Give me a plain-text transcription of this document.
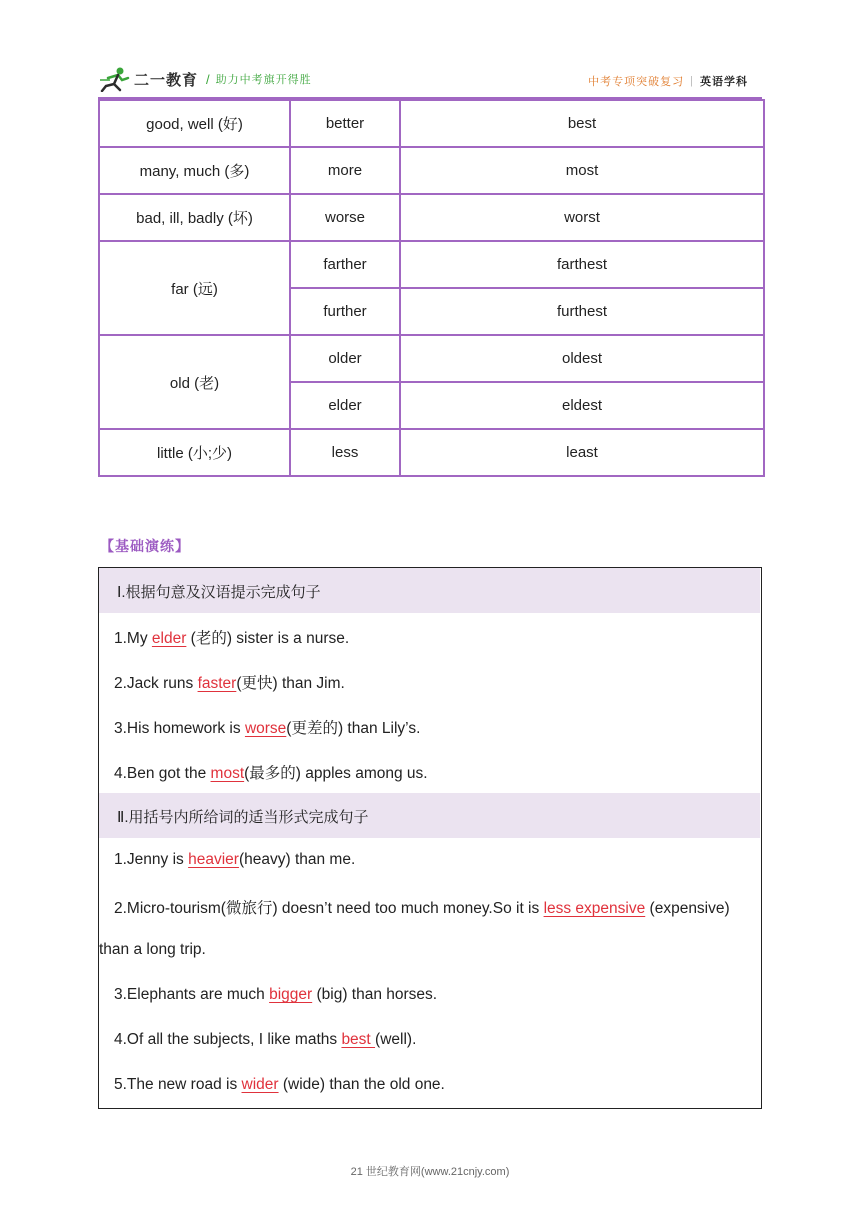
二一教育 / 助力中考旗开得胜	中考专项突破复习 | 英语学科
good, well (好)	better	best
many, much (多)	more	most
bad, ill, badly (坏)	worse	worst
far (远)	farther	farthest
	further	furthest
old (老)	older	oldest
	elder	eldest
little (小;少)	less	least
【基础演练】
Ⅰ.根据句意及汉语提示完成句子
1.My elder (老的) sister is a nurse.
2.Jack runs faster(更快) than Jim.
3.His homework is worse(更差的) than Lily’s.
4.Ben got the most(最多的) apples among us.
Ⅱ.用括号内所给词的适当形式完成句子
1.Jenny is heavier(heavy) than me.
2.Micro-tourism(微旅行) doesn’t need too much money.So it is less expensive (expensive)
than a long trip.
3.Elephants are much bigger (big) than horses.
4.Of all the subjects, I like maths best (well).
5.The new road is wider (wide) than the old one.
21 世纪教育网(www.21cnjy.com)
